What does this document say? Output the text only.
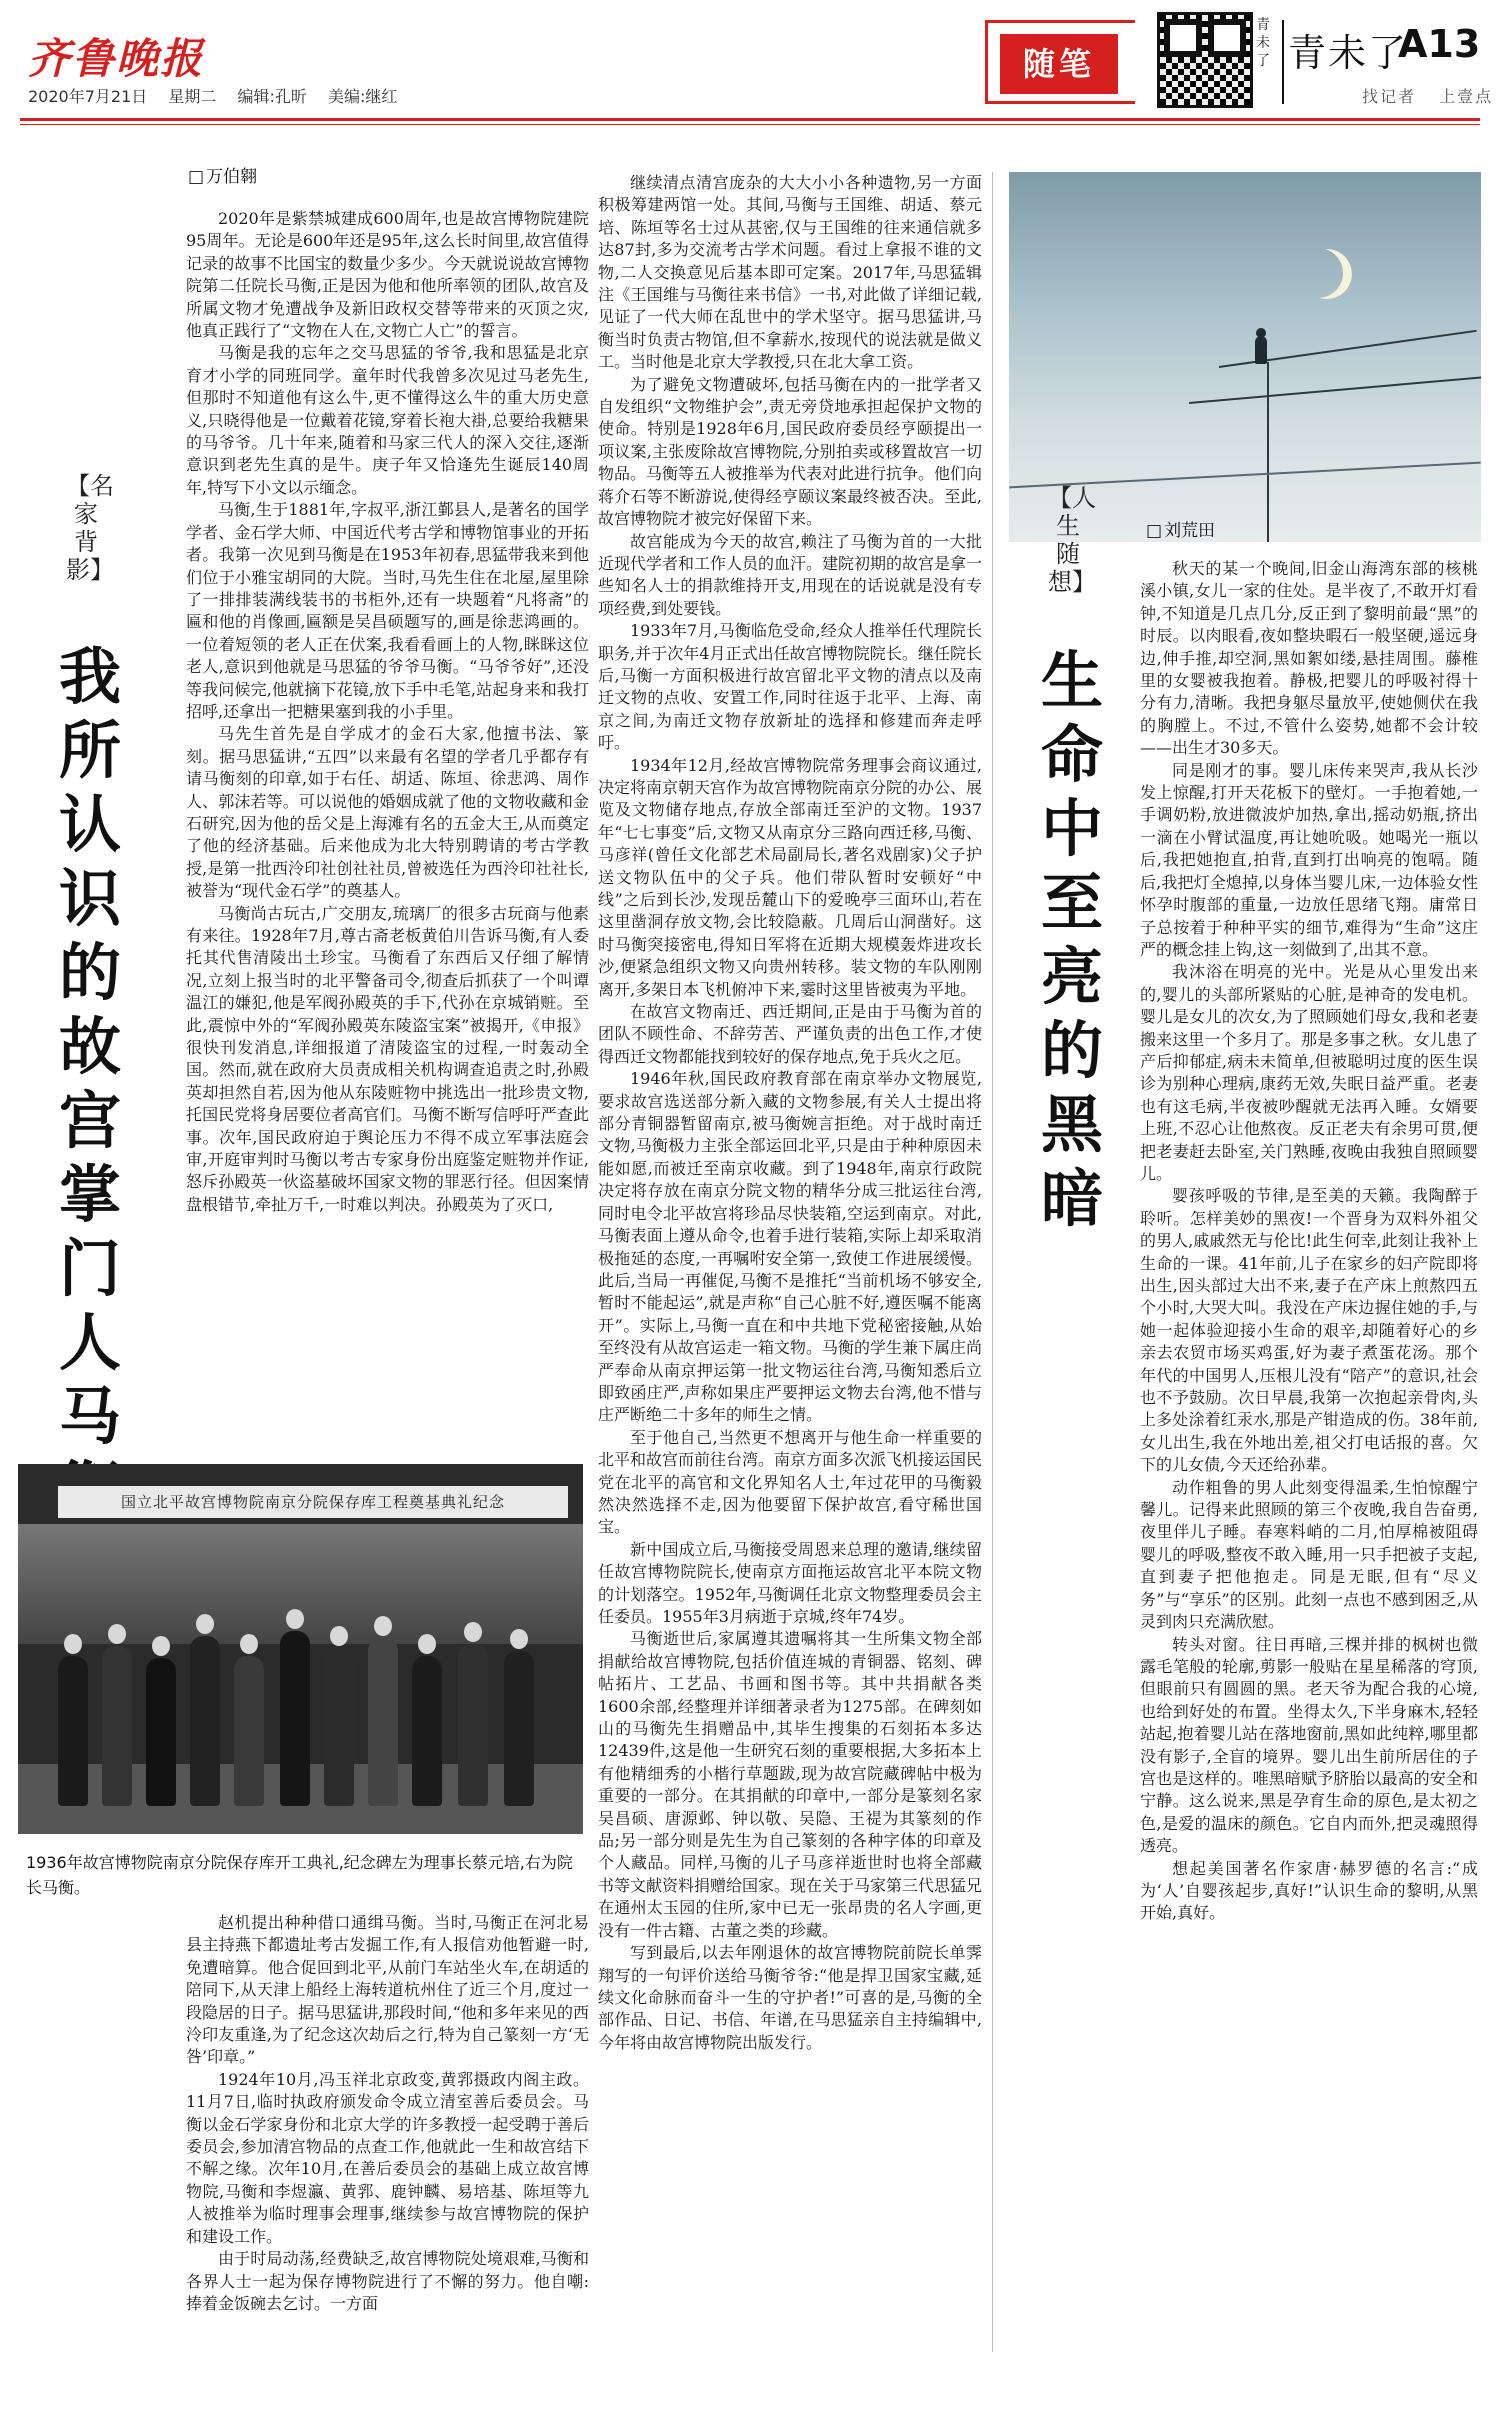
齐鲁晚报
2020年7月21日 星期二 编辑:孔昕 美编:继红
随笔
青未了 青未了
A13
找记者 上壹点
【名家背影】
我所认识的故宫掌门人马
□ 万伯翱

2020年是紫禁城建成600周年,也是故宫博物院建院95周年。无论是600年还是95年,这么长时间里,故宫值得记录的故事不比国宝的数量少多少。今天就说说故宫博物院第二任院长马衡,正是因为他和他所率领的团队,故宫及所属文物才免遭战争及新旧政权交替等带来的灭顶之灾,他真正践行了“文物在人在,文物亡人亡”的誓言。

马衡是我的忘年之交马思猛的爷爷,我和思猛是北京育才小学的同班同学。童年时代我曾多次见过马老先生,但那时不知道他有这么牛,更不懂得这么牛的重大历史意义,只晓得他是一位戴着花镜,穿着长袍大褂,总要给我糖果的马爷爷。几十年来,随着和马家三代人的深入交往,逐渐意识到老先生真的是牛。庚子年又恰逢先生诞辰140周年,特写下小文以示缅念。

马衡,生于1881年,字叔平,浙江鄞县人,是著名的国学学者、金石学大师、中国近代考古学和博物馆事业的开拓者。我第一次见到马衡是在1953年初春,思猛带我来到他们位于小雅宝胡同的大院。当时,马先生住在北屋,屋里除了一排排装满线装书的书柜外,还有一块题着“凡将斋”的匾和他的肖像画,匾额是吴昌硕题写的,画是徐悲鸿画的。一位着短领的老人正在伏案,我看看画上的人物,眯眯这位老人,意识到他就是马思猛的爷爷马衡。“马爷爷好”,还没等我问候完,他就摘下花镜,放下手中毛笔,站起身来和我打招呼,还拿出一把糖果塞到我的小手里。

马先生首先是自学成才的金石大家,他擅书法、篆刻。据马思猛讲,“五四”以来最有名望的学者几乎都存有请马衡刻的印章,如于右任、胡适、陈垣、徐悲鸿、周作人、郭沫若等。可以说他的婚姻成就了他的文物收藏和金石研究,因为他的岳父是上海滩有名的五金大王,从而奠定了他的经济基础。后来他成为北大特别聘请的考古学教授,是第一批西泠印社创社社员,曾被选任为西泠印社社长,被誉为“现代金石学”的奠基人。

马衡尚古玩古,广交朋友,琉璃厂的很多古玩商与他素有来往。1928年7月,尊古斋老板黄伯川告诉马衡,有人委托其代售清陵出土珍宝。马衡看了东西后又仔细了解情况,立刻上报当时的北平警备司令,彻查后抓获了一个叫谭温江的嫌犯,他是军阀孙殿英的手下,代孙在京城销赃。至此,震惊中外的“军阀孙殿英东陵盗宝案”被揭开,《申报》很快刊发消息,详细报道了清陵盗宝的过程,一时轰动全国。然而,就在政府大员责成相关机构调查追责之时,孙殿英却担然自若,因为他从东陵赃物中挑选出一批珍贵文物,托国民党将身居要位者高官们。马衡不断写信呼吁严查此事。次年,国民政府迫于舆论压力不得不成立军事法庭会审,开庭审判时马衡以考古专家身份出庭鉴定赃物并作证,怒斥孙殿英一伙盗墓破坏国家文物的罪恶行径。但因案情盘根错节,牵扯万千,一时难以判决。孙殿英为了灭口,

继续清点清宫庞杂的大大小小各种遗物,另一方面积极筹建两馆一处。其间,马衡与王国维、胡适、蔡元培、陈垣等名士过从甚密,仅与王国维的往来通信就多达87封,多为交流考古学术问题。看过上拿报不谁的文物,二人交换意见后基本即可定案。2017年,马思猛辑注《王国维与马衡往来书信》一书,对此做了详细记载,见证了一代大师在乱世中的学术坚守。据马思猛讲,马衡当时负责古物馆,但不拿薪水,按现代的说法就是做义工。当时他是北京大学教授,只在北大拿工资。

为了避免文物遭破坏,包括马衡在内的一批学者又自发组织“文物维护会”,责无旁贷地承担起保护文物的使命。特别是1928年6月,国民政府委员经亨颐提出一项议案,主张废除故宫博物院,分别拍卖或移置故宫一切物品。马衡等五人被推举为代表对此进行抗争。他们向蒋介石等不断游说,使得经亨颐议案最终被否决。至此,故宫博物院才被完好保留下来。

故宫能成为今天的故宫,赖注了马衡为首的一大批近现代学者和工作人员的血汗。建院初期的故宫是拿一些知名人士的捐款维持开支,用现在的话说就是没有专项经费,到处要钱。

1933年7月,马衡临危受命,经众人推举任代理院长职务,并于次年4月正式出任故宫博物院院长。继任院长后,马衡一方面积极进行故宫留北平文物的清点以及南迁文物的点收、安置工作,同时往返于北平、上海、南京之间,为南迁文物存放新址的选择和修建而奔走呼吁。

1934年12月,经故宫博物院常务理事会商议通过,决定将南京朝天宫作为故宫博物院南京分院的办公、展览及文物储存地点,存放全部南迁至沪的文物。1937年“七七事变”后,文物又从南京分三路向西迁移,马衡、马彦祥(曾任文化部艺术局副局长,著名戏剧家)父子护送文物队伍中的父子兵。他们带队暂时安顿好“中线”之后到长沙,发现岳麓山下的爱晚亭三面环山,若在这里凿洞存放文物,会比较隐蔽。几周后山洞凿好。这时马衡突接密电,得知日军将在近期大规模轰炸进攻长沙,便紧急组织文物又向贵州转移。装文物的车队刚刚离开,多架日本飞机俯冲下来,霎时这里皆被夷为平地。

在故宫文物南迁、西迁期间,正是由于马衡为首的团队不顾性命、不辞劳苦、严谨负责的出色工作,才使得西迁文物都能找到较好的保存地点,免于兵火之厄。

1946年秋,国民政府教育部在南京举办文物展览,要求故宫选送部分新入藏的文物参展,有关人士提出将部分青铜器暂留南京,被马衡婉言拒绝。对于战时南迁文物,马衡极力主张全部运回北平,只是由于种种原因未能如愿,而被迁至南京收藏。到了1948年,南京行政院决定将存放在南京分院文物的精华分成三批运往台湾,同时电令北平故宫将珍品尽快装箱,空运到南京。对此,马衡表面上遵从命令,也着手进行装箱,实际上却采取消极拖延的态度,一再嘱咐安全第一,致使工作进展缓慢。此后,当局一再催促,马衡不是推托“当前机场不够安全,暂时不能起运”,就是声称“自己心脏不好,遵医嘱不能离开”。实际上,马衡一直在和中共地下党秘密接触,从始至终没有从故宫运走一箱文物。马衡的学生兼下属庄尚严奉命从南京押运第一批文物运往台湾,马衡知悉后立即致函庄严,声称如果庄严要押运文物去台湾,他不惜与庄严断绝二十多年的师生之情。

至于他自己,当然更不想离开与他生命一样重要的北平和故宫而前往台湾。南京方面多次派飞机接运国民党在北平的高官和文化界知名人士,年过花甲的马衡毅然决然选择不走,因为他要留下保护故宫,看守稀世国宝。

新中国成立后,马衡接受周恩来总理的邀请,继续留任故宫博物院院长,使南京方面拖运故宫北平本院文物的计划落空。1952年,马衡调任北京文物整理委员会主任委员。1955年3月病逝于京城,终年74岁。

马衡逝世后,家属遵其遗嘱将其一生所集文物全部捐献给故宫博物院,包括价值连城的青铜器、铭刻、碑帖拓片、工艺品、书画和图书等。其中共捐献各类1600余部,经整理并详细著录者为1275部。在碑刻如山的马衡先生捐赠品中,其毕生搜集的石刻拓本多达12439件,这是他一生研究石刻的重要根据,大多拓本上有他精细秀的小楷行草题跋,现为故宫院藏碑帖中极为重要的一部分。在其捐献的印章中,一部分是篆刻名家吴昌硕、唐源邺、钟以敬、吴隐、王禔为其篆刻的作品;另一部分则是先生为自己篆刻的各种字体的印章及个人藏品。同样,马衡的儿子马彦祥逝世时也将全部藏书等文献资料捐赠给国家。现在关于马家第三代思猛兄在通州太玉园的住所,家中已无一张昂贵的名人字画,更没有一件古籍、古董之类的珍藏。

写到最后,以去年刚退休的故宫博物院前院长单霁翔写的一句评价送给马衡爷爷:“他是捍卫国家宝藏,延续文化命脉而奋斗一生的守护者!”可喜的是,马衡的全部作品、日记、书信、年谱,在马思猛亲自主持编辑中,今年将由故宫博物院出版发行。

赵机提出种种借口通缉马衡。当时,马衡正在河北易县主持燕下都遗址考古发掘工作,有人报信劝他暂避一时,免遭暗算。他合促回到北平,从前门车站坐火车,在胡适的陪同下,从天津上船经上海转道杭州住了近三个月,度过一段隐居的日子。据马思猛讲,那段时间,“他和多年来见的西泠印友重逢,为了纪念这次劫后之行,特为自己篆刻一方‘无咎’印章。”

1924年10月,冯玉祥北京政变,黄郛摄政内阁主政。11月7日,临时执政府颁发命令成立清室善后委员会。马衡以金石学家身份和北京大学的许多教授一起受聘于善后委员会,参加清宫物品的点查工作,他就此一生和故宫结下不解之缘。次年10月,在善后委员会的基础上成立故宫博物院,马衡和李煜瀛、黄郛、鹿钟麟、易培基、陈垣等九人被推举为临时理事会理事,继续参与故宫博物院的保护和建设工作。

由于时局动荡,经费缺乏,故宫博物院处境艰难,马衡和各界人士一起为保存博物院进行了不懈的努力。他自嘲:捧着金饭碗去乞讨。一方面

国立北平故宫博物院南京分院保存库工程奠基典礼纪念
1936年故宫博物院南京分院保存库开工典礼,纪念碑左为理事长蔡元培,右为院长马衡。
【人生随想】
生命中至亮的黑暗
□ 刘荒田

秋天的某一个晚间,旧金山海湾东部的核桃溪小镇,女儿一家的住处。是半夜了,不敢开灯看钟,不知道是几点几分,反正到了黎明前最“黑”的时辰。以肉眼看,夜如整块暇石一般坚硬,遥远身边,伸手推,却空洞,黑如絮如缕,悬挂周围。藤椎里的女婴被我抱着。静极,把婴儿的呼吸衬得十分有力,清晰。我把身躯尽量放平,使她侧伏在我的胸膛上。不过,不管什么姿势,她都不会计较——出生才30多天。

同是刚才的事。婴儿床传来哭声,我从长沙发上惊醒,打开天花板下的壁灯。一手抱着她,一手调奶粉,放进微波炉加热,拿出,摇动奶瓶,挤出一滴在小臂试温度,再让她吮吸。她喝光一瓶以后,我把她抱直,拍背,直到打出响亮的饱嗝。随后,我把灯全熄掉,以身体当婴儿床,一边体验女性怀孕时腹部的重量,一边放任思绪飞翔。庸常日子总按着于种种平实的细节,难得为“生命”这庄严的概念挂上钩,这一刻做到了,出其不意。

我沐浴在明亮的光中。光是从心里发出来的,婴儿的头部所紧贴的心脏,是神奇的发电机。婴儿是女儿的次女,为了照顾她们母女,我和老妻搬来这里一个多月了。那是多事之秋。女儿患了产后抑郁症,病未未简单,但被聪明过度的医生误诊为别种心理病,康药无效,失眠日益严重。老妻也有这毛病,半夜被吵醒就无法再入睡。女婿要上班,不忍心让他熬夜。反正老夫有余男可贯,便把老妻赶去卧室,关门熟睡,夜晚由我独自照顾婴儿。

婴孩呼吸的节律,是至美的天籁。我陶醉于聆听。怎样美妙的黑夜!一个晋身为双料外祖父的男人,戚戚然无与伦比!此生何幸,此刻让我补上生命的一课。41年前,儿子在家乡的妇产院即将出生,因头部过大出不来,妻子在产床上煎熬四五个小时,大哭大叫。我没在产床边握住她的手,与她一起体验迎接小生命的艰辛,却随着好心的乡亲去农贸市场买鸡蛋,好为妻子煮蛋花汤。那个年代的中国男人,压根儿没有“陪产”的意识,社会也不予鼓励。次日早晨,我第一次抱起亲骨肉,头上多处涂着红汞水,那是产钳造成的伤。38年前,女儿出生,我在外地出差,祖父打电话报的喜。欠下的儿女债,今天还给孙辈。

动作粗鲁的男人此刻变得温柔,生怕惊醒宁馨儿。记得来此照顾的第三个夜晚,我自告奋勇,夜里伴儿子睡。春寒料峭的二月,怕厚棉被阻碍婴儿的呼吸,整夜不敢入睡,用一只手把被子支起,直到妻子把他抱走。同是无眠,但有“尽义务”与“享乐”的区别。此刻一点也不感到困乏,从灵到肉只充满欣慰。

转头对窗。往日再暗,三棵并排的枫树也微露毛笔般的轮廓,剪影一般贴在星星稀落的穹顶,但眼前只有圆圆的黑。老天爷为配合我的心境,也给到好处的布置。坐得太久,下半身麻木,轻轻站起,抱着婴儿站在落地窗前,黑如此纯粹,哪里都没有影子,全盲的境界。婴儿出生前所居住的子宫也是这样的。唯黑暗赋予脐胎以最高的安全和宁静。这么说来,黑是孕育生命的原色,是太初之色,是爱的温床的颜色。它自内而外,把灵魂照得透亮。

想起美国著名作家唐·赫罗德的名言:“成为‘人’自婴孩起步,真好!”认识生命的黎明,从黑开始,真好。
